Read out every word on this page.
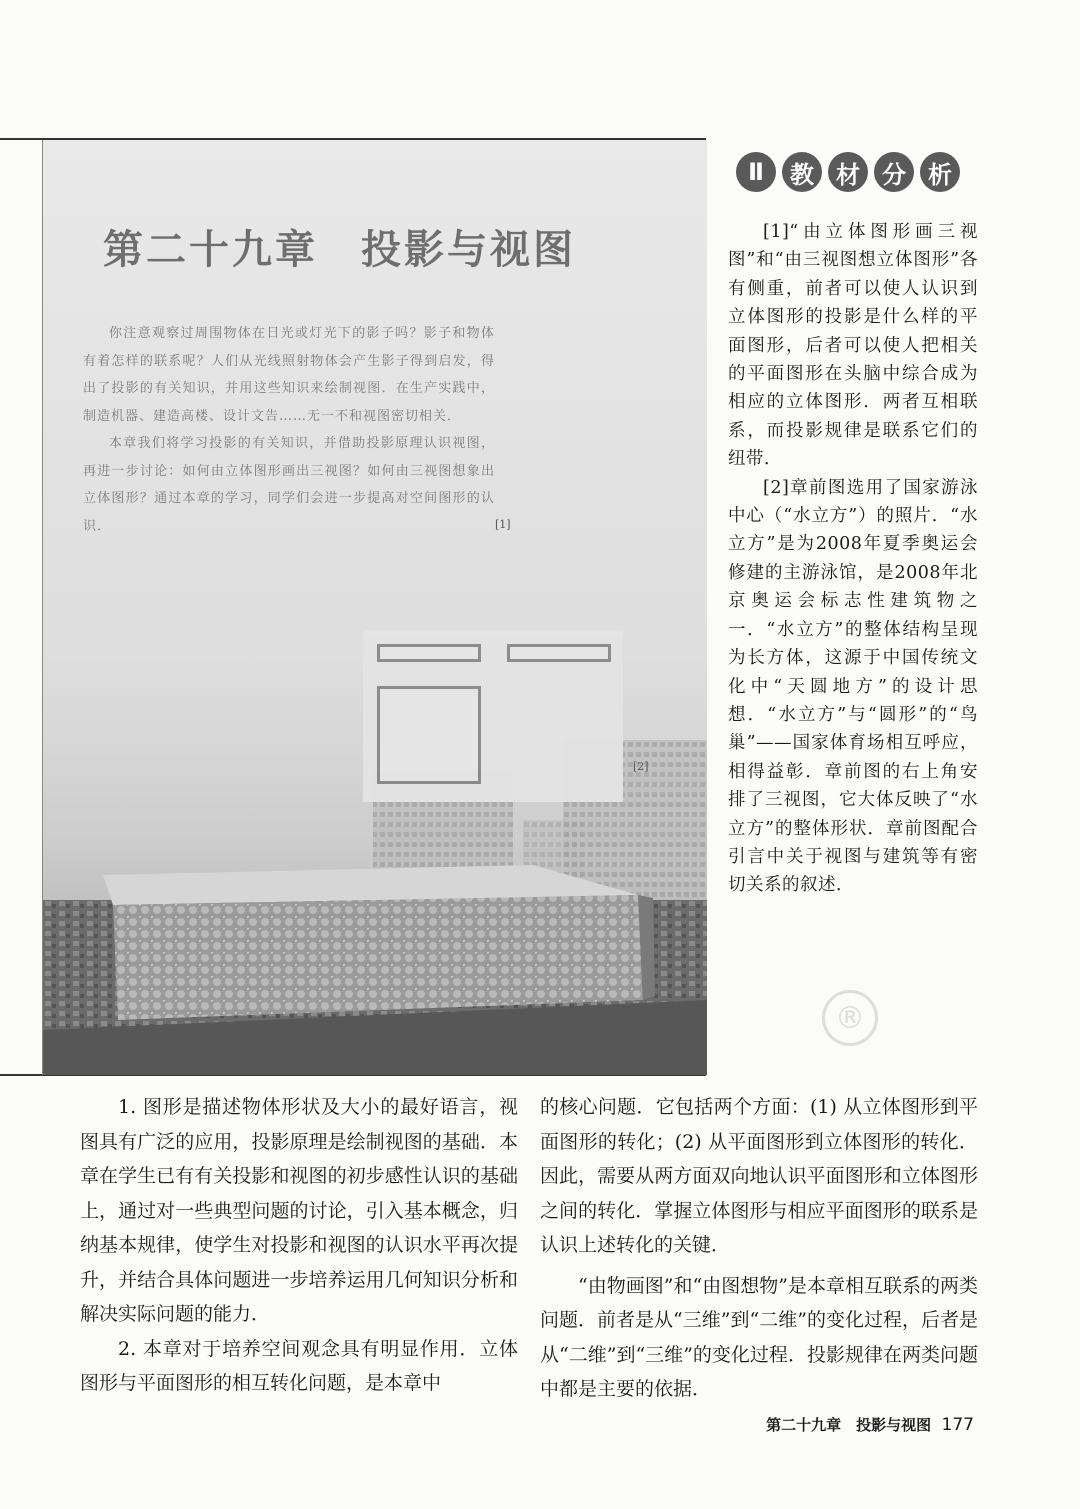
第二十九章　投影与视图

你注意观察过周围物体在日光或灯光下的影子吗？影子和物体有着怎样的联系呢？人们从光线照射物体会产生影子得到启发，得出了投影的有关知识，并用这些知识来绘制视图．在生产实践中，制造机器、建造高楼、设计文告……无一不和视图密切相关．

本章我们将学习投影的有关知识，并借助投影原理认识视图，再进一步讨论：如何由立体图形画出三视图？如何由三视图想象出立体图形？通过本章的学习，同学们会进一步提高对空间图形的认识．	[1]
[2]
Ⅱ	教 材 分 析

[1]“由立体图形画三视图”和“由三视图想立体图形”各有侧重，前者可以使人认识到立体图形的投影是什么样的平面图形，后者可以使人把相关的平面图形在头脑中综合成为相应的立体图形．两者互相联系，而投影规律是联系它们的纽带．

[2]章前图选用了国家游泳中心（“水立方”）的照片．“水立方”是为2008年夏季奥运会修建的主游泳馆，是2008年北京奥运会标志性建筑物之一．“水立方”的整体结构呈现为长方体，这源于中国传统文化中“天圆地方”的设计思想．“水立方”与“圆形”的“鸟巢”——国家体育场相互呼应，相得益彰．章前图的右上角安排了三视图，它大体反映了“水立方”的整体形状．章前图配合引言中关于视图与建筑等有密切关系的叙述．

®

1. 图形是描述物体形状及大小的最好语言，视图具有广泛的应用，投影原理是绘制视图的基础．本章在学生已有有关投影和视图的初步感性认识的基础上，通过对一些典型问题的讨论，引入基本概念，归纳基本规律，使学生对投影和视图的认识水平再次提升，并结合具体问题进一步培养运用几何知识分析和解决实际问题的能力．

2. 本章对于培养空间观念具有明显作用．立体图形与平面图形的相互转化问题，是本章中

的核心问题．它包括两个方面：(1) 从立体图形到平面图形的转化；(2) 从平面图形到立体图形的转化．因此，需要从两方面双向地认识平面图形和立体图形之间的转化．掌握立体图形与相应平面图形的联系是认识上述转化的关键．

“由物画图”和“由图想物”是本章相互联系的两类问题．前者是从“三维”到“二维”的变化过程，后者是从“二维”到“三维”的变化过程．投影规律在两类问题中都是主要的依据．

第二十九章　投影与视图 177
